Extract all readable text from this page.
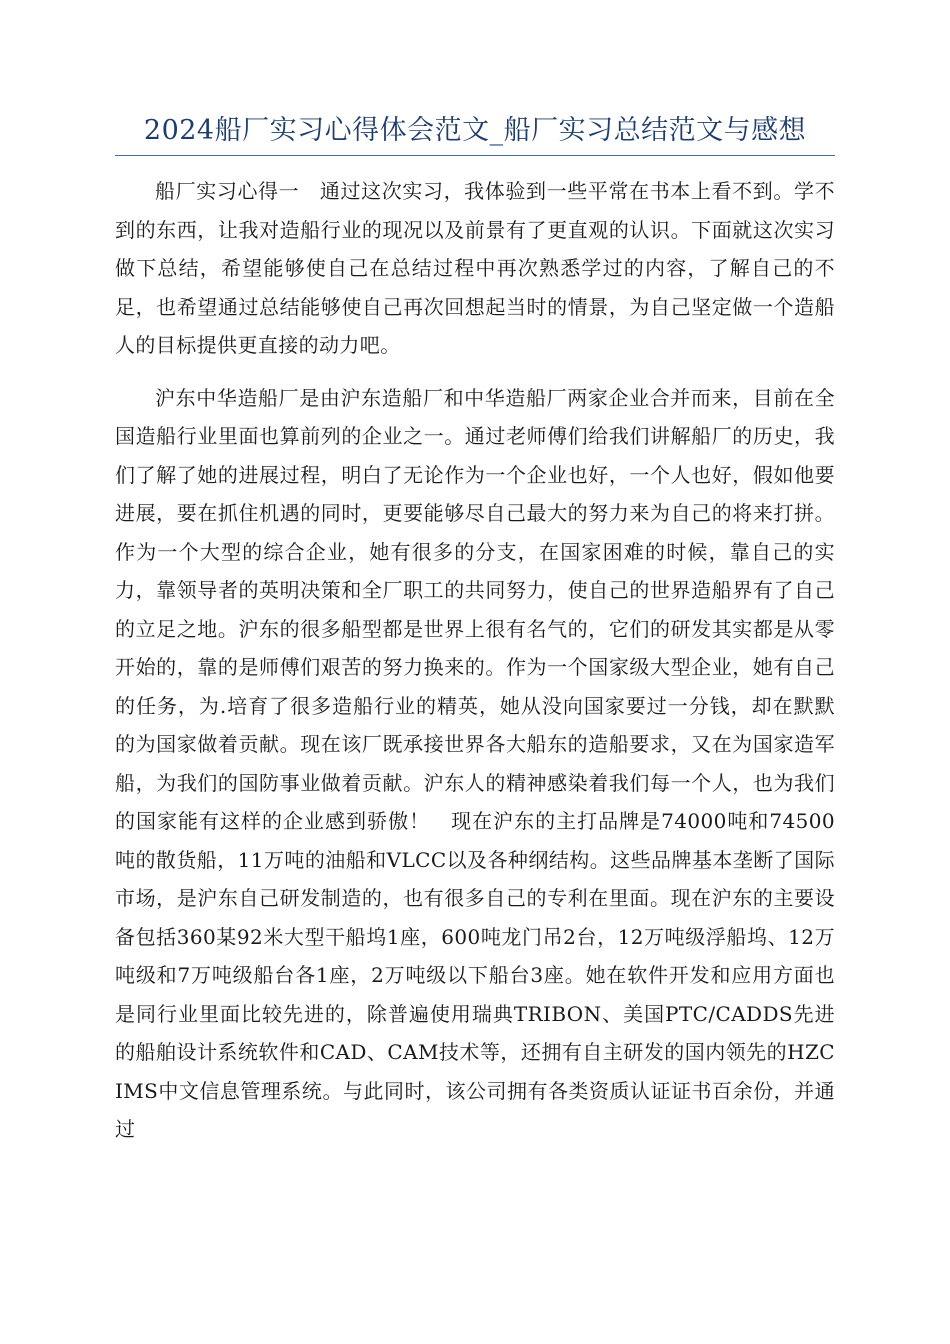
2024船厂实习心得体会范文_船厂实习总结范文与感想

船厂实习心得一　通过这次实习，我体验到一些平常在书本上看不到。学不到的东西，让我对造船行业的现况以及前景有了更直观的认识。下面就这次实习做下总结，希望能够使自己在总结过程中再次熟悉学过的内容，了解自己的不足，也希望通过总结能够使自己再次回想起当时的情景，为自己坚定做一个造船人的目标提供更直接的动力吧。

沪东中华造船厂是由沪东造船厂和中华造船厂两家企业合并而来，目前在全国造船行业里面也算前列的企业之一。通过老师傅们给我们讲解船厂的历史，我们了解了她的进展过程，明白了无论作为一个企业也好，一个人也好，假如他要进展，要在抓住机遇的同时，更要能够尽自己最大的努力来为自己的将来打拼。作为一个大型的综合企业，她有很多的分支，在国家困难的时候，靠自己的实力，靠领导者的英明决策和全厂职工的共同努力，使自己的世界造船界有了自己的立足之地。沪东的很多船型都是世界上很有名气的，它们的研发其实都是从零开始的，靠的是师傅们艰苦的努力换来的。作为一个国家级大型企业，她有自己的任务，为.培育了很多造船行业的精英，她从没向国家要过一分钱，却在默默的为国家做着贡献。现在该厂既承接世界各大船东的造船要求，又在为国家造军船，为我们的国防事业做着贡献。沪东人的精神感染着我们每一个人，也为我们的国家能有这样的企业感到骄傲！　现在沪东的主打品牌是74000吨和74500吨的散货船，11万吨的油船和VLCC以及各种纲结构。这些品牌基本垄断了国际市场，是沪东自己研发制造的，也有很多自己的专利在里面。现在沪东的主要设备包括360某92米大型干船坞1座，600吨龙门吊2台，12万吨级浮船坞、12万吨级和7万吨级船台各1座，2万吨级以下船台3座。她在软件开发和应用方面也是同行业里面比较先进的，除普遍使用瑞典TRIBON、美国PTC/CADDS先进的船舶设计系统软件和CAD、CAM技术等，还拥有自主研发的国内领先的HZCIMS中文信息管理系统。与此同时，该公司拥有各类资质认证证书百余份，并通过
